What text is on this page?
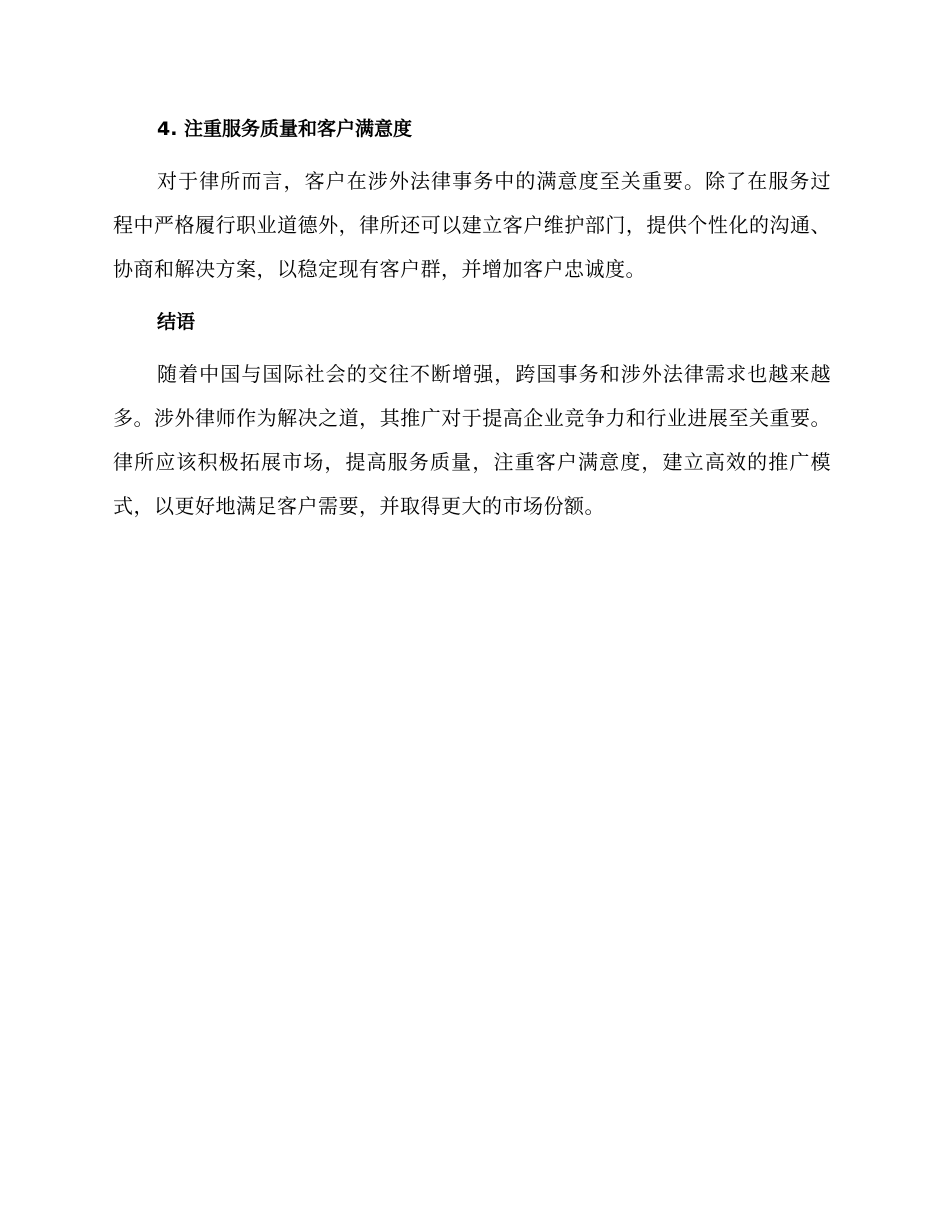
4. 注重服务质量和客户满意度

对于律所而言，客户在涉外法律事务中的满意度至关重要。除了在服务过程中严格履行职业道德外，律所还可以建立客户维护部门，提供个性化的沟通、协商和解决方案，以稳定现有客户群，并增加客户忠诚度。

结语

随着中国与国际社会的交往不断增强，跨国事务和涉外法律需求也越来越多。涉外律师作为解决之道，其推广对于提高企业竞争力和行业进展至关重要。律所应该积极拓展市场，提高服务质量，注重客户满意度，建立高效的推广模式，以更好地满足客户需要，并取得更大的市场份额。
